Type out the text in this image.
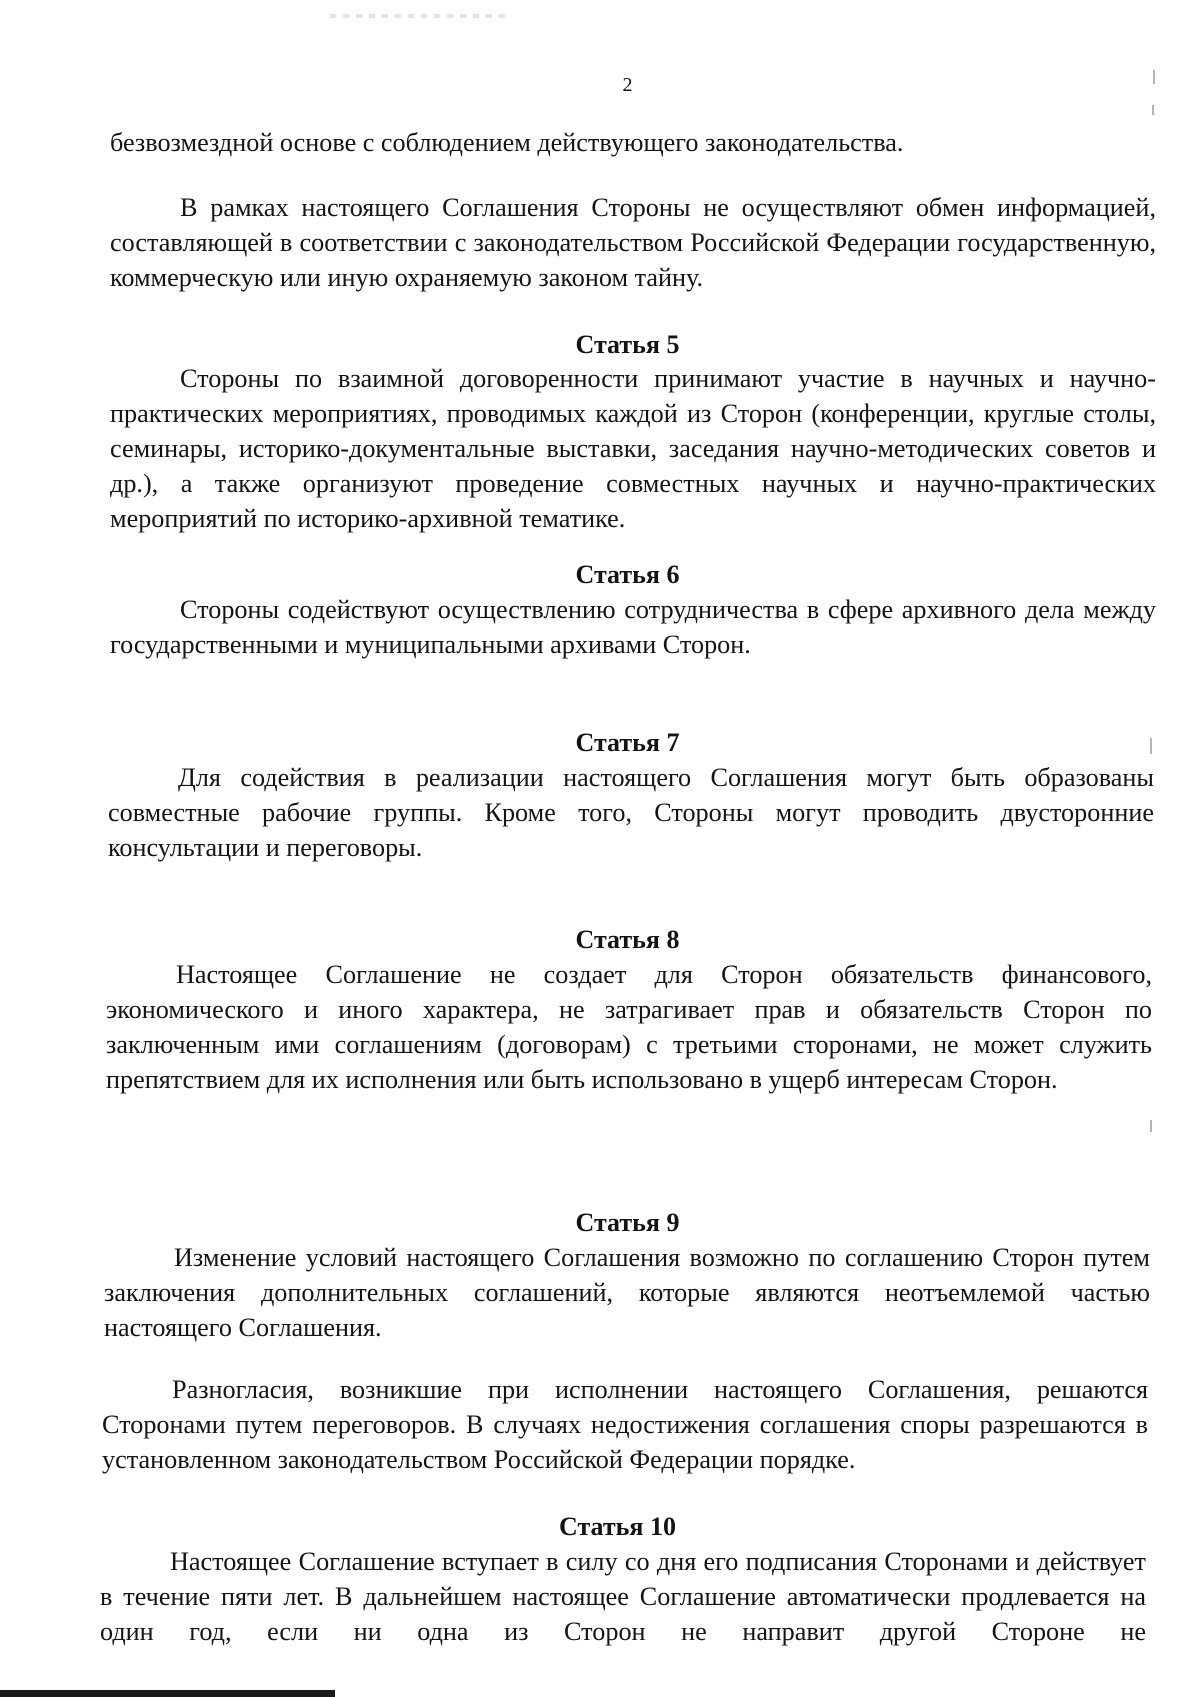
2
безвозмездной основе с соблюдением действующего законодательства.
В рамках настоящего Соглашения Стороны не осуществляют обмен информацией, составляющей в соответствии с законодательством Российской Федерации государственную, коммерческую или иную охраняемую законом тайну.
Статья 5
Стороны по взаимной договоренности принимают участие в научных и научно-практических мероприятиях, проводимых каждой из Сторон (конференции, круглые столы, семинары, историко-документальные выставки, заседания научно-методических советов и др.), а также организуют проведение совместных научных и научно-практических мероприятий по историко-архивной тематике.
Статья 6
Стороны содействуют осуществлению сотрудничества в сфере архивного дела между государственными и муниципальными архивами Сторон.
Статья 7
Для содействия в реализации настоящего Соглашения могут быть образованы совместные рабочие группы. Кроме того, Стороны могут проводить двусторонние консультации и переговоры.
Статья 8
Настоящее Соглашение не создает для Сторон обязательств финансового, экономического и иного характера, не затрагивает прав и обязательств Сторон по заключенным ими соглашениям (договорам) с третьими сторонами, не может служить препятствием для их исполнения или быть использовано в ущерб интересам Сторон.
Статья 9
Изменение условий настоящего Соглашения возможно по соглашению Сторон путем заключения дополнительных соглашений, которые являются неотъемлемой частью настоящего Соглашения.
Разногласия, возникшие при исполнении настоящего Соглашения, решаются Сторонами путем переговоров. В случаях недостижения соглашения споры разрешаются в установленном законодательством Российской Федерации порядке.
Статья 10
Настоящее Соглашение вступает в силу со дня его подписания Сторонами и действует в течение пяти лет. В дальнейшем настоящее Соглашение автоматически продлевается на один год, если ни одна из Сторон не направит другой Стороне не
